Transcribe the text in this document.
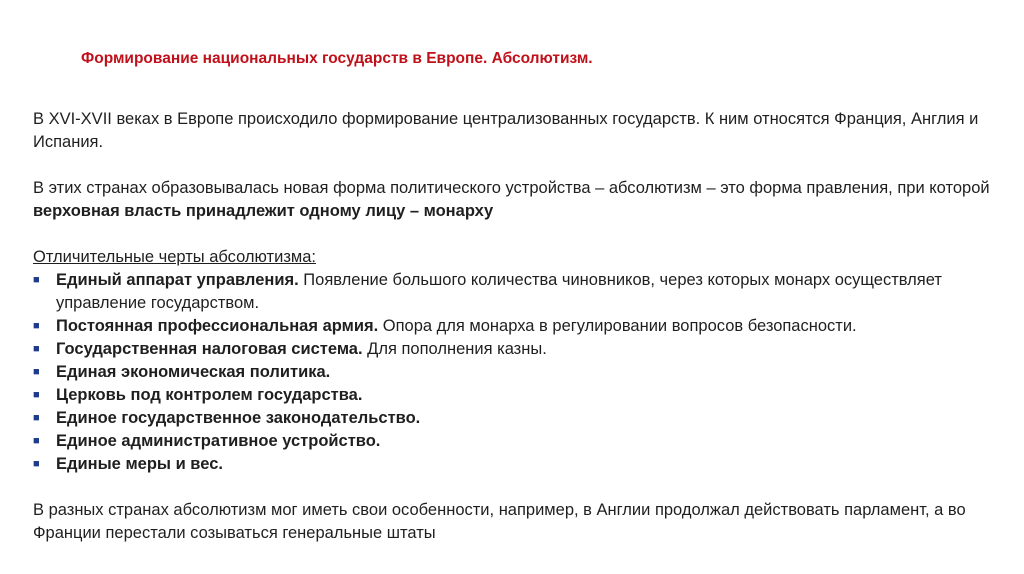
Формирование национальных государств в Европе. Абсолютизм.

В XVI-XVII веках в Европе происходило формирование централизованных государств. К ним относятся Франция, Англия и Испания.

В этих странах образовывалась новая форма политического устройства – абсолютизм – это форма правления, при которой верховная власть принадлежит одному лицу – монарху

Отличительные черты абсолютизма:

■ Единый аппарат управления. Появление большого количества чиновников, через которых монарх осуществляет управление государством.
■ Постоянная профессиональная армия. Опора для монарха в регулировании вопросов безопасности.
■ Государственная налоговая система. Для пополнения казны.
■ Единая экономическая политика.
■ Церковь под контролем государства.
■ Единое государственное законодательство.
■ Единое административное устройство.
■ Единые меры и вес.

В разных странах абсолютизм мог иметь свои особенности, например, в Англии продолжал действовать парламент, а во Франции перестали созываться генеральные штаты
